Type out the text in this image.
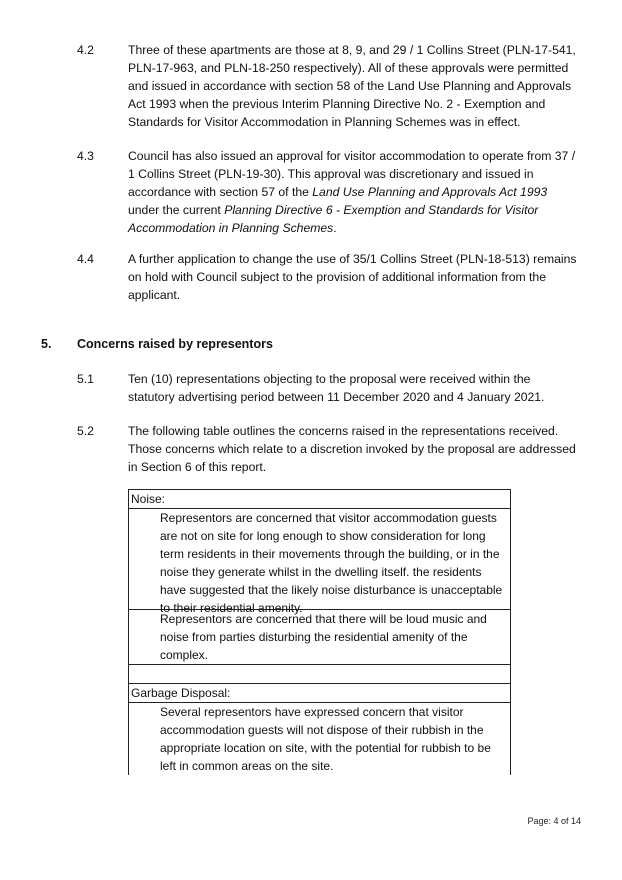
4.2	Three of these apartments are those at 8, 9, and 29 / 1 Collins Street (PLN-17-541, PLN-17-963, and PLN-18-250 respectively). All of these approvals were permitted and issued in accordance with section 58 of the Land Use Planning and Approvals Act 1993 when the previous Interim Planning Directive No. 2 - Exemption and Standards for Visitor Accommodation in Planning Schemes was in effect.
4.3	Council has also issued an approval for visitor accommodation to operate from 37 / 1 Collins Street (PLN-19-30). This approval was discretionary and issued in accordance with section 57 of the Land Use Planning and Approvals Act 1993 under the current Planning Directive 6 - Exemption and Standards for Visitor Accommodation in Planning Schemes.
4.4	A further application to change the use of 35/1 Collins Street (PLN-18-513) remains on hold with Council subject to the provision of additional information from the applicant.
5. Concerns raised by representors
5.1	Ten (10) representations objecting to the proposal were received within the statutory advertising period between 11 December 2020 and 4 January 2021.
5.2	The following table outlines the concerns raised in the representations received. Those concerns which relate to a discretion invoked by the proposal are addressed in Section 6 of this report.
Noise:
Representors are concerned that visitor accommodation guests are not on site for long enough to show consideration for long term residents in their movements through the building, or in the noise they generate whilst in the dwelling itself. the residents have suggested that the likely noise disturbance is unacceptable to their residential amenity.
Representors are concerned that there will be loud music and noise from parties disturbing the residential amenity of the complex.
Garbage Disposal:
Several representors have expressed concern that visitor accommodation guests will not dispose of their rubbish in the appropriate location on site, with the potential for rubbish to be left in common areas on the site.
Page: 4 of 14
